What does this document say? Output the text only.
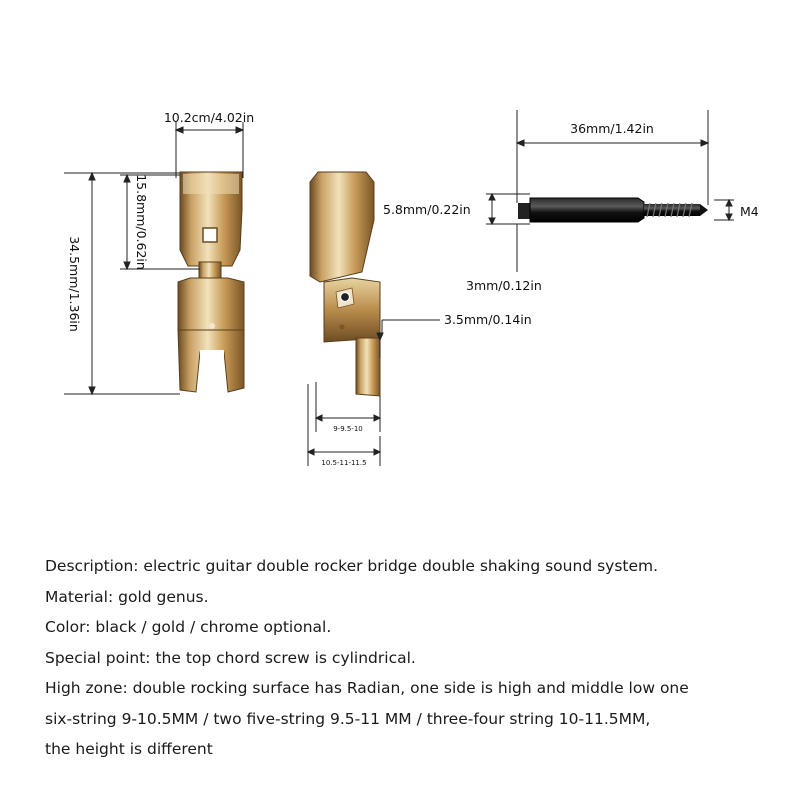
10.2cm/4.02in
15.8mm/0.62in
34.5mm/1.36in	3.5mm/0.14in
9-9.5-10
10.5-11-11.5
36mm/1.42in
5.8mm/0.22in
3mm/0.12in
M4
Description: electric guitar double rocker bridge double shaking sound system.
Material: gold genus.
Color: black / gold / chrome optional.
Special point: the top chord screw is cylindrical.
High zone: double rocking surface has Radian, one side is high and middle low one
six-string 9-10.5MM / two five-string 9.5-11 MM / three-four string 10-11.5MM,
the height is different
